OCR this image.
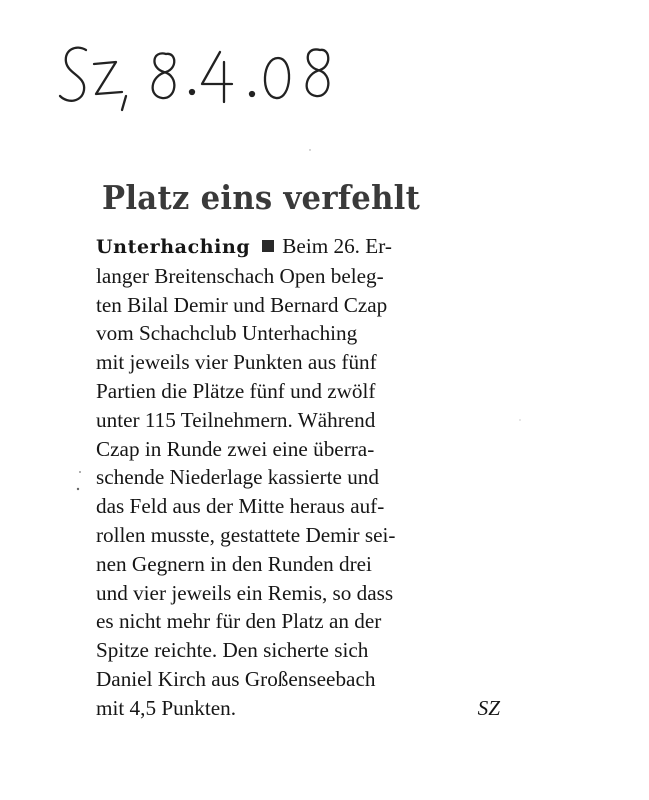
Platz eins verfehlt
Unterhaching Beim 26. Er-
langer Breitenschach Open beleg-
ten Bilal Demir und Bernard Czap
vom Schachclub Unterhaching
mit jeweils vier Punkten aus fünf
Partien die Plätze fünf und zwölf
unter 115 Teilnehmern. Während
Czap in Runde zwei eine überra-
schende Niederlage kassierte und
das Feld aus der Mitte heraus auf-
rollen musste, gestattete Demir sei-
nen Gegnern in den Runden drei
und vier jeweils ein Remis, so dass
es nicht mehr für den Platz an der
Spitze reichte. Den sicherte sich
Daniel Kirch aus Großenseebach
mit 4,5 Punkten.	SZ
